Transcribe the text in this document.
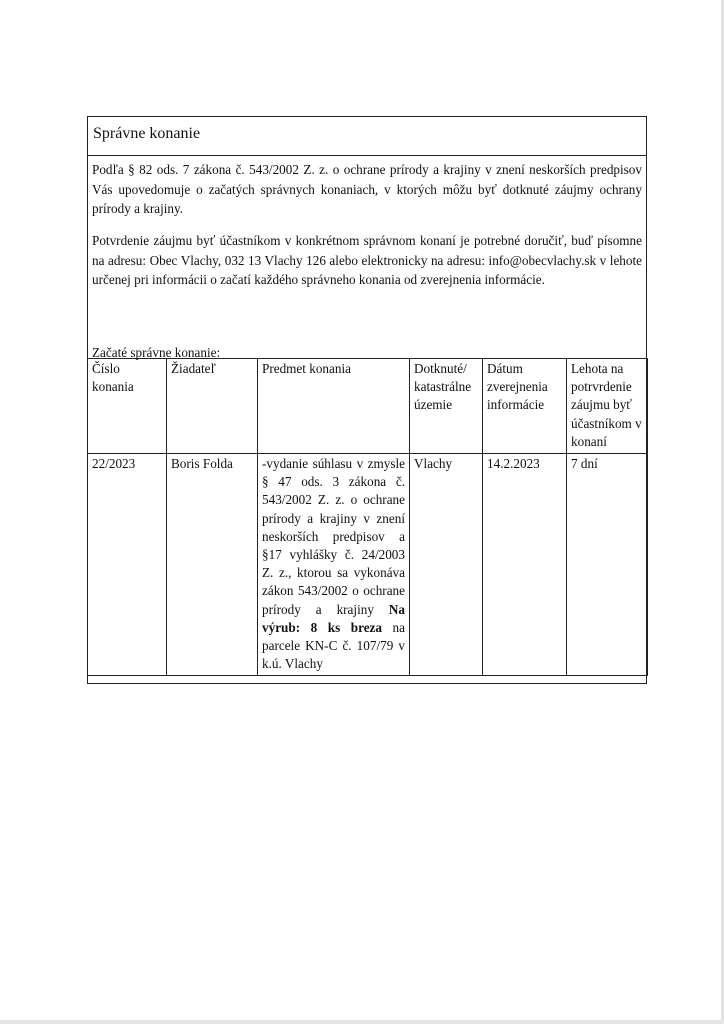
Správne konanie

Podľa § 82 ods. 7 zákona č. 543/2002 Z. z. o ochrane prírody a krajiny v znení neskorších predpisov Vás upovedomuje o začatých správnych konaniach, v ktorých môžu byť dotknuté záujmy ochrany prírody a krajiny.

Potvrdenie záujmu byť účastníkom v konkrétnom správnom konaní je potrebné doručiť, buď písomne na adresu: Obec Vlachy, 032 13 Vlachy 126 alebo elektronicky na adresu: info@obecvlachy.sk v lehote určenej pri informácii o začatí každého správneho konania od zverejnenia informácie.

Začaté správne konanie:
Číslo konania	Žiadateľ	Predmet konania	Dotknuté/ katastrálne územie	Dátum zverejnenia informácie	Lehota na potrvrdenie záujmu byť účastníkom v konaní
22/2023	Boris Folda	-vydanie súhlasu v zmysle § 47 ods. 3 zákona č. 543/2002 Z. z. o ochrane prírody a krajiny v znení neskorších predpisov a §17 vyhlášky č. 24/2003 Z. z., ktorou sa vykonáva zákon 543/2002 o ochrane prírody a krajiny Na výrub: 8 ks breza na parcele KN-C č. 107/79 v k.ú. Vlachy	Vlachy	14.2.2023	7 dní
